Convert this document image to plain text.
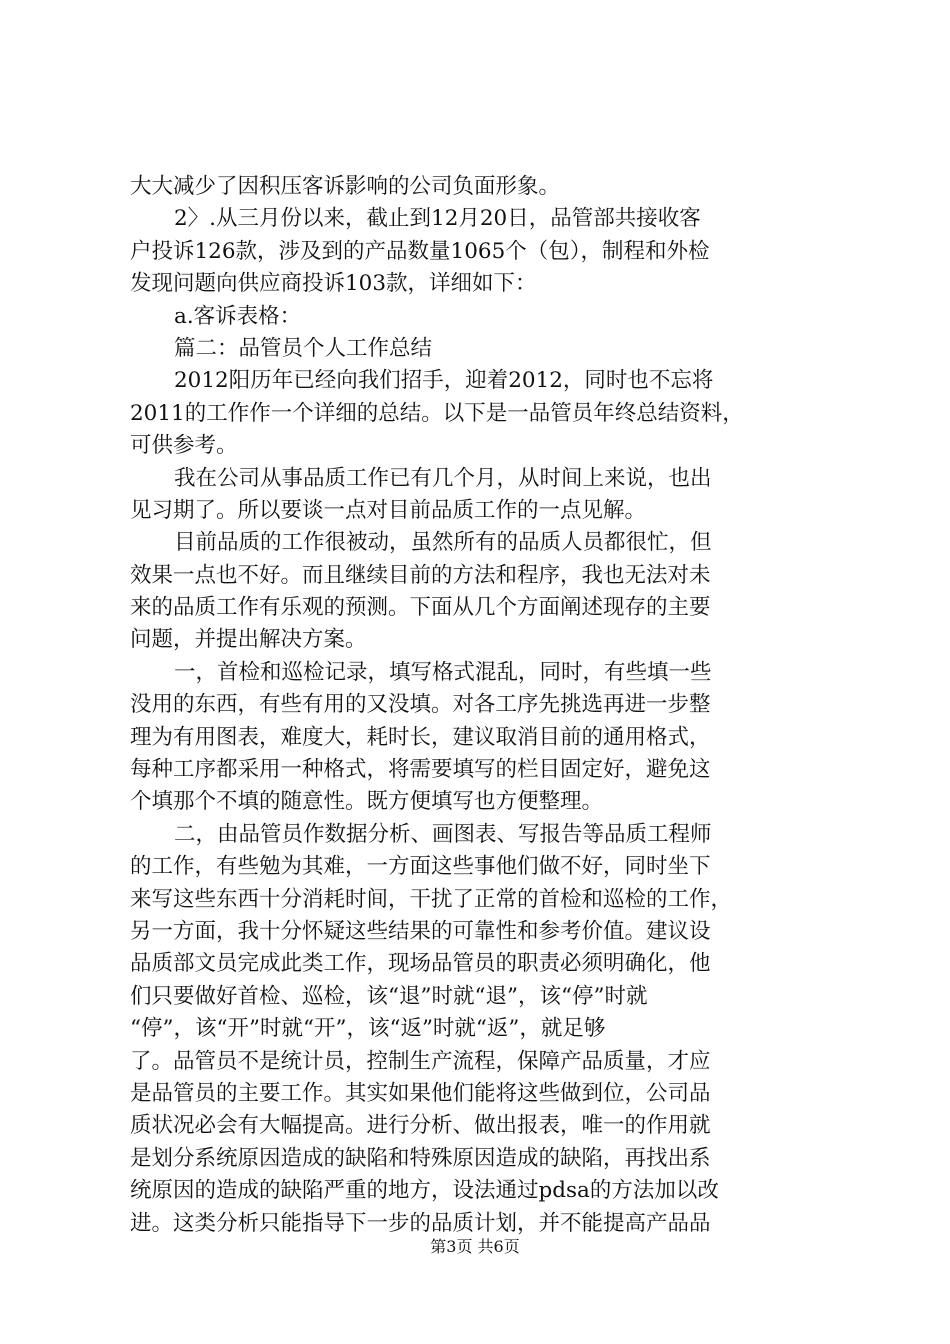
大大减少了因积压客诉影响的公司负面形象。
2〉.从三月份以来，截止到12月20日，品管部共接收客
户投诉126款，涉及到的产品数量1065个（包），制程和外检
发现问题向供应商投诉103款，详细如下：
a.客诉表格：
篇二：品管员个人工作总结
2012阳历年已经向我们招手，迎着2012，同时也不忘将
2011的工作作一个详细的总结。以下是一品管员年终总结资料，
可供参考。
我在公司从事品质工作已有几个月，从时间上来说，也出
见习期了。所以要谈一点对目前品质工作的一点见解。
目前品质的工作很被动，虽然所有的品质人员都很忙，但
效果一点也不好。而且继续目前的方法和程序，我也无法对未
来的品质工作有乐观的预测。下面从几个方面阐述现存的主要
问题，并提出解决方案。
一，首检和巡检记录，填写格式混乱，同时，有些填一些
没用的东西，有些有用的又没填。对各工序先挑选再进一步整
理为有用图表，难度大，耗时长，建议取消目前的通用格式，
每种工序都采用一种格式，将需要填写的栏目固定好，避免这
个填那个不填的随意性。既方便填写也方便整理。
二，由品管员作数据分析、画图表、写报告等品质工程师
的工作，有些勉为其难，一方面这些事他们做不好，同时坐下
来写这些东西十分消耗时间，干扰了正常的首检和巡检的工作，
另一方面，我十分怀疑这些结果的可靠性和参考价值。建议设
品质部文员完成此类工作，现场品管员的职责必须明确化，他
们只要做好首检、巡检，该“退”时就“退”，该“停”时就
“停”，该“开”时就“开”，该“返”时就“返”，就足够
了。品管员不是统计员，控制生产流程，保障产品质量，才应
是品管员的主要工作。其实如果他们能将这些做到位，公司品
质状况必会有大幅提高。进行分析、做出报表，唯一的作用就
是划分系统原因造成的缺陷和特殊原因造成的缺陷，再找出系
统原因的造成的缺陷严重的地方，设法通过pdsa的方法加以改
进。这类分析只能指导下一步的品质计划，并不能提高产品品
第3页 共6页
